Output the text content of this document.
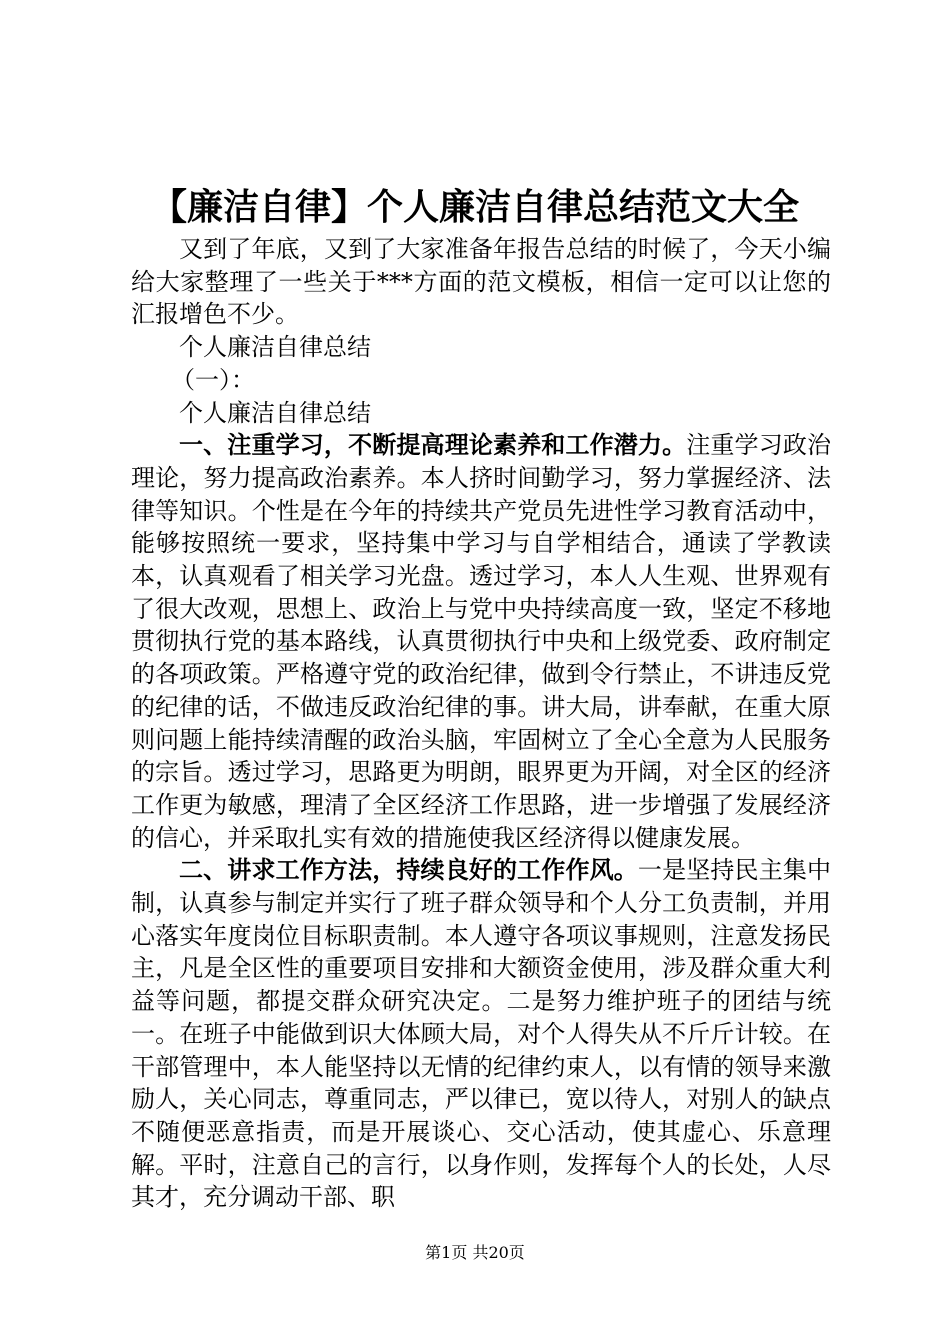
【廉洁自律】个人廉洁自律总结范文大全

又到了年底，又到了大家准备年报告总结的时候了，今天小编给大家整理了一些关于***方面的范文模板，相信一定可以让您的汇报增色不少。

个人廉洁自律总结

（一）：

个人廉洁自律总结

一、注重学习，不断提高理论素养和工作潜力。注重学习政治理论，努力提高政治素养。本人挤时间勤学习，努力掌握经济、法律等知识。个性是在今年的持续共产党员先进性学习教育活动中，能够按照统一要求，坚持集中学习与自学相结合，通读了学教读本，认真观看了相关学习光盘。透过学习，本人人生观、世界观有了很大改观，思想上、政治上与党中央持续高度一致，坚定不移地贯彻执行党的基本路线，认真贯彻执行中央和上级党委、政府制定的各项政策。严格遵守党的政治纪律，做到令行禁止，不讲违反党的纪律的话，不做违反政治纪律的事。讲大局，讲奉献，在重大原则问题上能持续清醒的政治头脑，牢固树立了全心全意为人民服务的宗旨。透过学习，思路更为明朗，眼界更为开阔，对全区的经济工作更为敏感，理清了全区经济工作思路，进一步增强了发展经济的信心，并采取扎实有效的措施使我区经济得以健康发展。

二、讲求工作方法，持续良好的工作作风。一是坚持民主集中制，认真参与制定并实行了班子群众领导和个人分工负责制，并用心落实年度岗位目标职责制。本人遵守各项议事规则，注意发扬民主，凡是全区性的重要项目安排和大额资金使用，涉及群众重大利益等问题，都提交群众研究决定。二是努力维护班子的团结与统一。在班子中能做到识大体顾大局，对个人得失从不斤斤计较。在干部管理中，本人能坚持以无情的纪律约束人，以有情的领导来激励人，关心同志，尊重同志，严以律已，宽以待人，对别人的缺点不随便恶意指责，而是开展谈心、交心活动，使其虚心、乐意理解。平时，注意自己的言行，以身作则，发挥每个人的长处，人尽其才，充分调动干部、职

第1页 共20页
